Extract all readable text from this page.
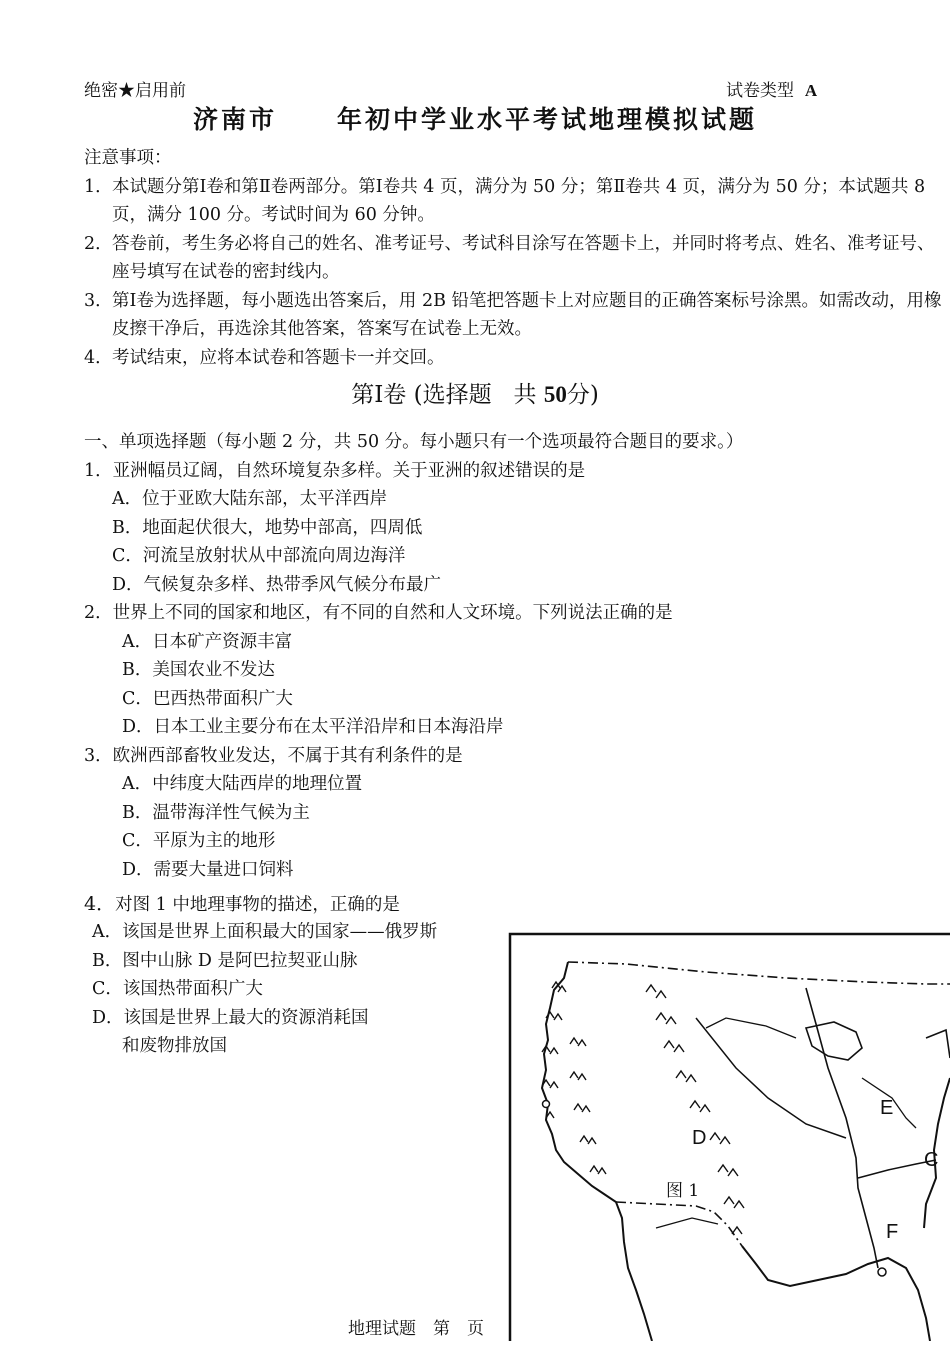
绝密★启用前	试卷类型 A
济南市 年初中学业水平考试地理模拟试题
注意事项：
1． 本试题分第Ⅰ卷和第Ⅱ卷两部分。第Ⅰ卷共 4 页，满分为 50 分；第Ⅱ卷共 4 页，满分为 50 分；本试题共 8 页，满分 100 分。考试时间为 60 分钟。
2． 答卷前，考生务必将自己的姓名、准考证号、考试科目涂写在答题卡上，并同时将考点、姓名、准考证号、座号填写在试卷的密封线内。
3． 第Ⅰ卷为选择题，每小题选出答案后，用 2B 铅笔把答题卡上对应题目的正确答案标号涂黑。如需改动，用橡皮擦干净后，再选涂其他答案，答案写在试卷上无效。
4． 考试结束，应将本试卷和答题卡一并交回。
第Ⅰ卷 (选择题 共 50分)
一、单项选择题（每小题 2 分，共 50 分。每小题只有一个选项最符合题目的要求。）
1．亚洲幅员辽阔，自然环境复杂多样。关于亚洲的叙述错误的是
A．位于亚欧大陆东部，太平洋西岸
B．地面起伏很大，地势中部高，四周低
C．河流呈放射状从中部流向周边海洋
D．气候复杂多样、热带季风气候分布最广
2．世界上不同的国家和地区，有不同的自然和人文环境。下列说法正确的是
A．日本矿产资源丰富
B．美国农业不发达
C．巴西热带面积广大
D．日本工业主要分布在太平洋沿岸和日本海沿岸
3．欧洲西部畜牧业发达，不属于其有利条件的是
A．中纬度大陆西岸的地理位置
B．温带海洋性气候为主
C．平原为主的地形
D．需要大量进口饲料
4．对图 1 中地理事物的描述，正确的是
A．该国是世界上面积最大的国家——俄罗斯
B．图中山脉 D 是阿巴拉契亚山脉
C．该国热带面积广大
D．该国是世界上最大的资源消耗国
和废物排放国
D
E
C
F
图 1
地理试题　第　页
